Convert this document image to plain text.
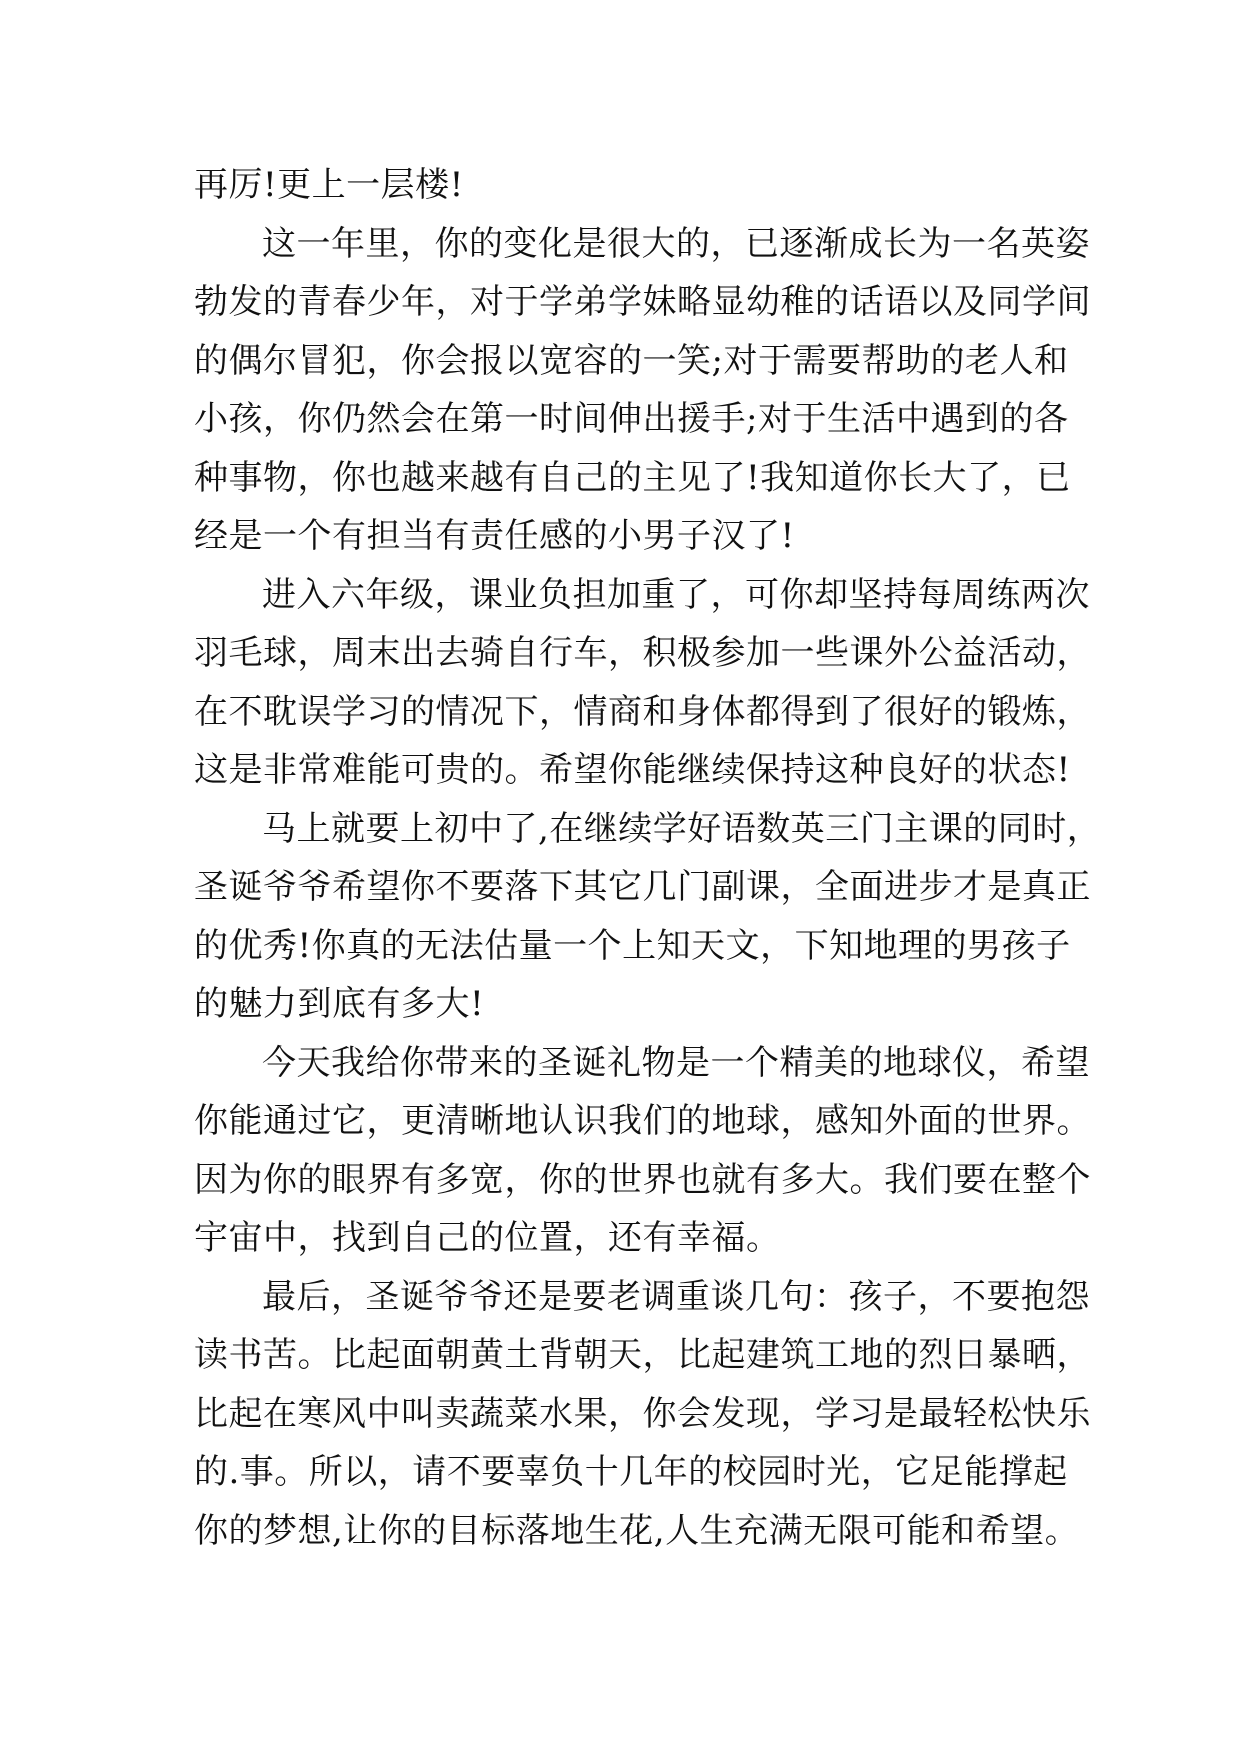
再厉!更上一层楼!
这一年里，你的变化是很大的，已逐渐成长为一名英姿
勃发的青春少年，对于学弟学妹略显幼稚的话语以及同学间
的偶尔冒犯，你会报以宽容的一笑;对于需要帮助的老人和
小孩，你仍然会在第一时间伸出援手;对于生活中遇到的各
种事物，你也越来越有自己的主见了!我知道你长大了，已
经是一个有担当有责任感的小男子汉了!
进入六年级，课业负担加重了，可你却坚持每周练两次
羽毛球，周末出去骑自行车，积极参加一些课外公益活动，
在不耽误学习的情况下，情商和身体都得到了很好的锻炼，
这是非常难能可贵的。希望你能继续保持这种良好的状态!
马上就要上初中了,在继续学好语数英三门主课的同时，
圣诞爷爷希望你不要落下其它几门副课，全面进步才是真正
的优秀!你真的无法估量一个上知天文，下知地理的男孩子
的魅力到底有多大!
今天我给你带来的圣诞礼物是一个精美的地球仪，希望
你能通过它，更清晰地认识我们的地球，感知外面的世界。
因为你的眼界有多宽，你的世界也就有多大。我们要在整个
宇宙中，找到自己的位置，还有幸福。
最后，圣诞爷爷还是要老调重谈几句：孩子，不要抱怨
读书苦。比起面朝黄土背朝天，比起建筑工地的烈日暴晒，
比起在寒风中叫卖蔬菜水果，你会发现，学习是最轻松快乐
的.事。所以，请不要辜负十几年的校园时光，它足能撑起
你的梦想,让你的目标落地生花,人生充满无限可能和希望。
